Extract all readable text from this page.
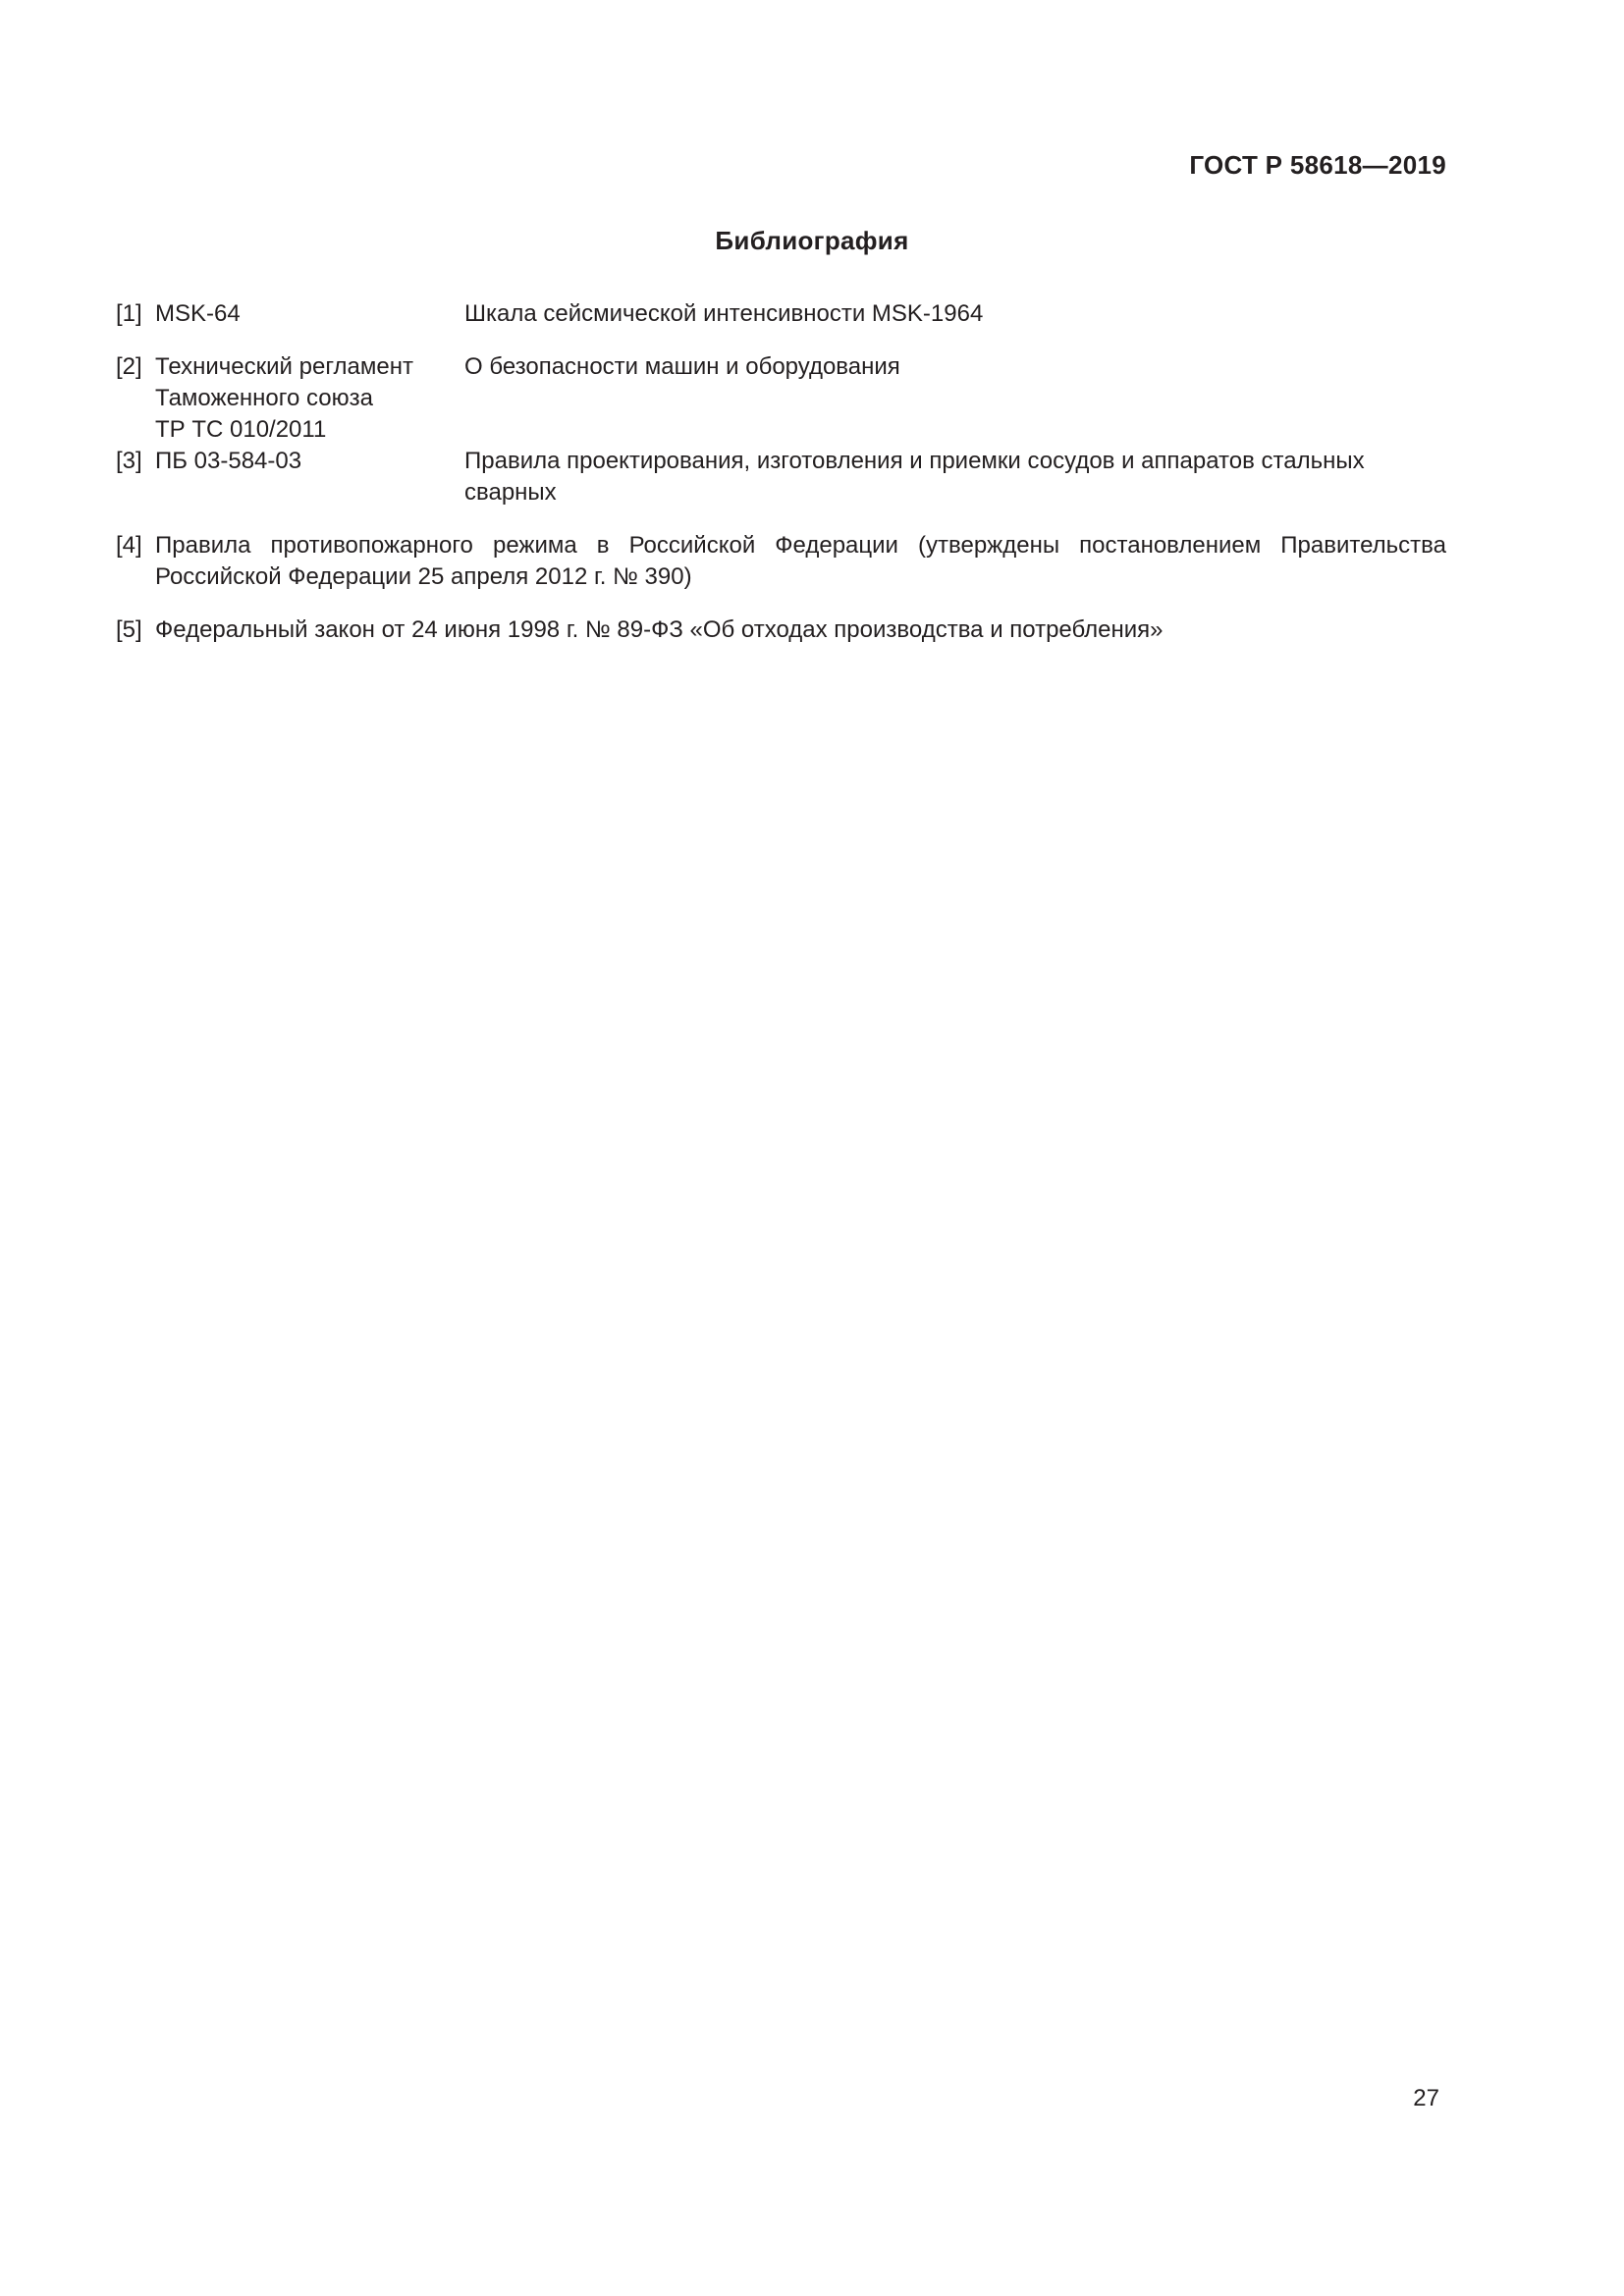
ГОСТ Р 58618—2019
Библиография
[1] MSK-64	Шкала сейсмической интенсивности MSK-1964
[2] Технический регламент
Таможенного союза
ТР ТС 010/2011
О безопасности машин и оборудования
[3] ПБ 03-584-03	Правила проектирования, изготовления и приемки сосудов и аппаратов стальных сварных
[4] Правила противопожарного режима в Российской Федерации (утверждены постановлением Правительства Российской Федерации 25 апреля 2012 г. № 390)
[5] Федеральный закон от 24 июня 1998 г. № 89-ФЗ «Об отходах производства и потребления»
27
